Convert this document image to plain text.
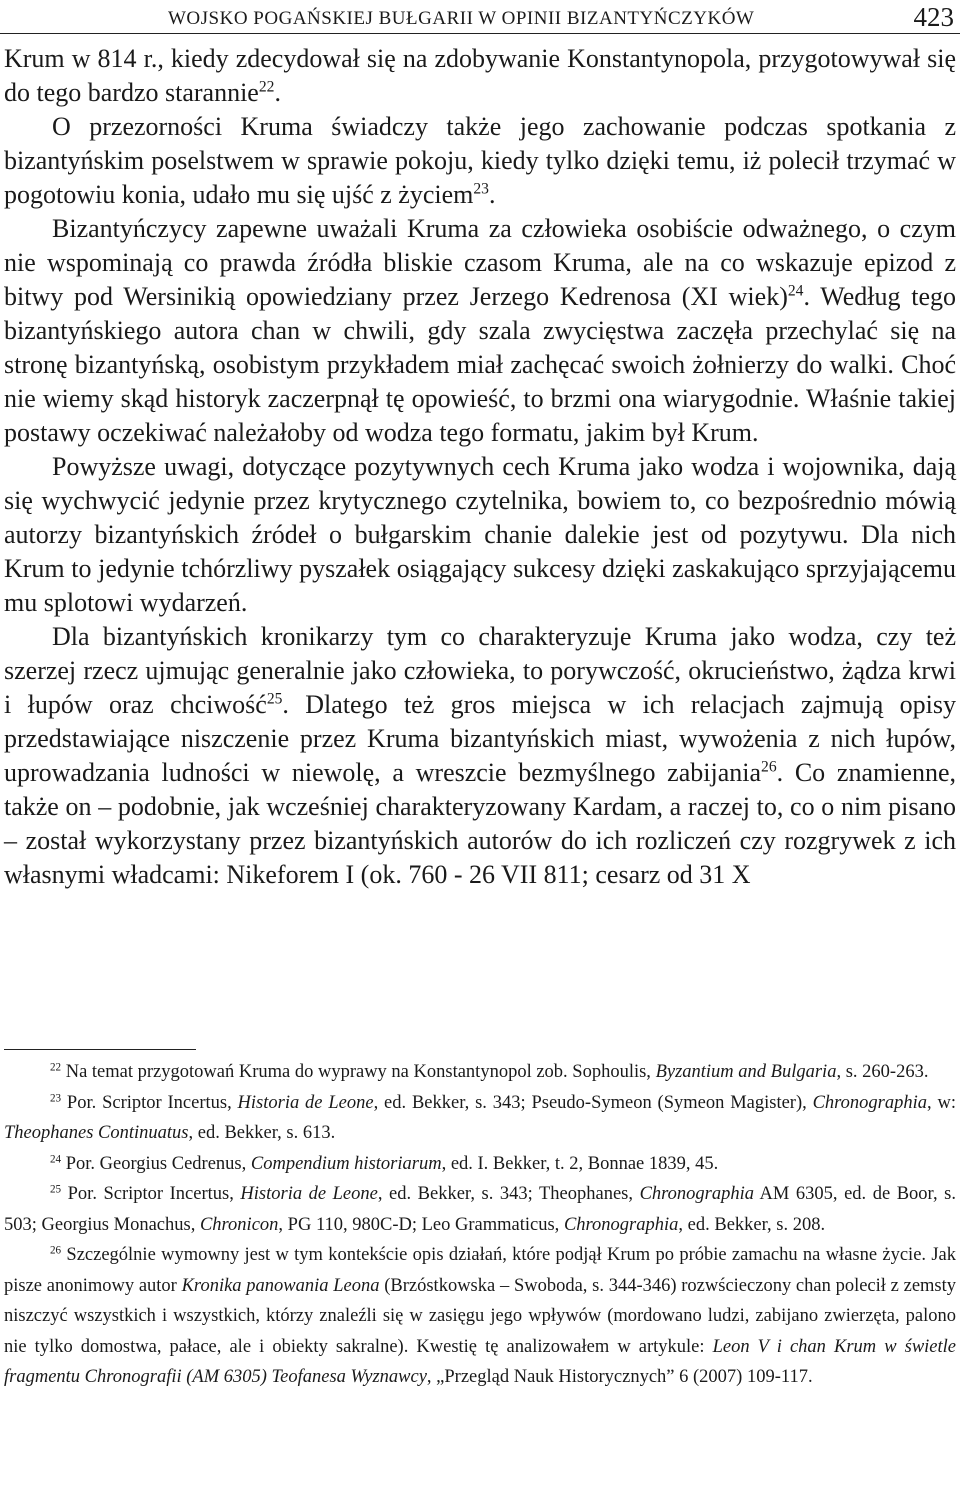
WOJSKO POGAŃSKIEJ BUŁGARII W OPINII BIZANTYŃCZYKÓW	423

Krum w 814 r., kiedy zdecydował się na zdobywanie Konstantynopola, przygotowywał się do tego bardzo starannie$^{22}$.

O przezorności Kruma świadczy także jego zachowanie podczas spotkania z bizantyńskim poselstwem w sprawie pokoju, kiedy tylko dzięki temu, iż polecił trzymać w pogotowiu konia, udało mu się ujść z życiem$^{23}$.

Bizantyńczycy zapewne uważali Kruma za człowieka osobiście odważnego, o czym nie wspominają co prawda źródła bliskie czasom Kruma, ale na co wskazuje epizod z bitwy pod Wersinikią opowiedziany przez Jerzego Kedrenosa (XI wiek)$^{24}$. Według tego bizantyńskiego autora chan w chwili, gdy szala zwycięstwa zaczęła przechylać się na stronę bizantyńską, osobistym przykładem miał zachęcać swoich żołnierzy do walki. Choć nie wiemy skąd historyk zaczerpnął tę opowieść, to brzmi ona wiarygodnie. Właśnie takiej postawy oczekiwać należałoby od wodza tego formatu, jakim był Krum.

Powyższe uwagi, dotyczące pozytywnych cech Kruma jako wodza i wojownika, dają się wychwycić jedynie przez krytycznego czytelnika, bowiem to, co bezpośrednio mówią autorzy bizantyńskich źródeł o bułgarskim chanie dalekie jest od pozytywu. Dla nich Krum to jedynie tchórzliwy pyszałek osiągający sukcesy dzięki zaskakująco sprzyjającemu mu splotowi wydarzeń.

Dla bizantyńskich kronikarzy tym co charakteryzuje Kruma jako wodza, czy też szerzej rzecz ujmując generalnie jako człowieka, to porywczość, okrucieństwo, żądza krwi i łupów oraz chciwość$^{25}$. Dlatego też gros miejsca w ich relacjach zajmują opisy przedstawiające niszczenie przez Kruma bizantyńskich miast, wywożenia z nich łupów, uprowadzania ludności w niewolę, a wreszcie bezmyślnego zabijania$^{26}$. Co znamienne, także on – podobnie, jak wcześniej charakteryzowany Kardam, a raczej to, co o nim pisano – został wykorzystany przez bizantyńskich autorów do ich rozliczeń czy rozgrywek z ich własnymi władcami: Nikeforem I (ok. 760 - 26 VII 811; cesarz od 31 X

$^{22}$ Na temat przygotowań Kruma do wyprawy na Konstantynopol zob. Sophoulis, Byzantium and Bulgaria, s. 260-263.

$^{23}$ Por. Scriptor Incertus, Historia de Leone, ed. Bekker, s. 343; Pseudo-Symeon (Symeon Magister), Chronographia, w: Theophanes Continuatus, ed. Bekker, s. 613.

$^{24}$ Por. Georgius Cedrenus, Compendium historiarum, ed. I. Bekker, t. 2, Bonnae 1839, 45.

$^{25}$ Por. Scriptor Incertus, Historia de Leone, ed. Bekker, s. 343; Theophanes, Chronographia AM 6305, ed. de Boor, s. 503; Georgius Monachus, Chronicon, PG 110, 980C-D; Leo Grammaticus, Chronographia, ed. Bekker, s. 208.

$^{26}$ Szczególnie wymowny jest w tym kontekście opis działań, które podjął Krum po próbie zamachu na własne życie. Jak pisze anonimowy autor Kronika panowania Leona (Brzóstkowska – Swoboda, s. 344-346) rozwścieczony chan polecił z zemsty niszczyć wszystkich i wszystkich, którzy znaleźli się w zasięgu jego wpływów (mordowano ludzi, zabijano zwierzęta, palono nie tylko domostwa, pałace, ale i obiekty sakralne). Kwestię tę analizowałem w artykule: Leon V i chan Krum w świetle fragmentu Chronografii (AM 6305) Teofanesa Wyznawcy, „Przegląd Nauk Historycznych” 6 (2007) 109-117.
